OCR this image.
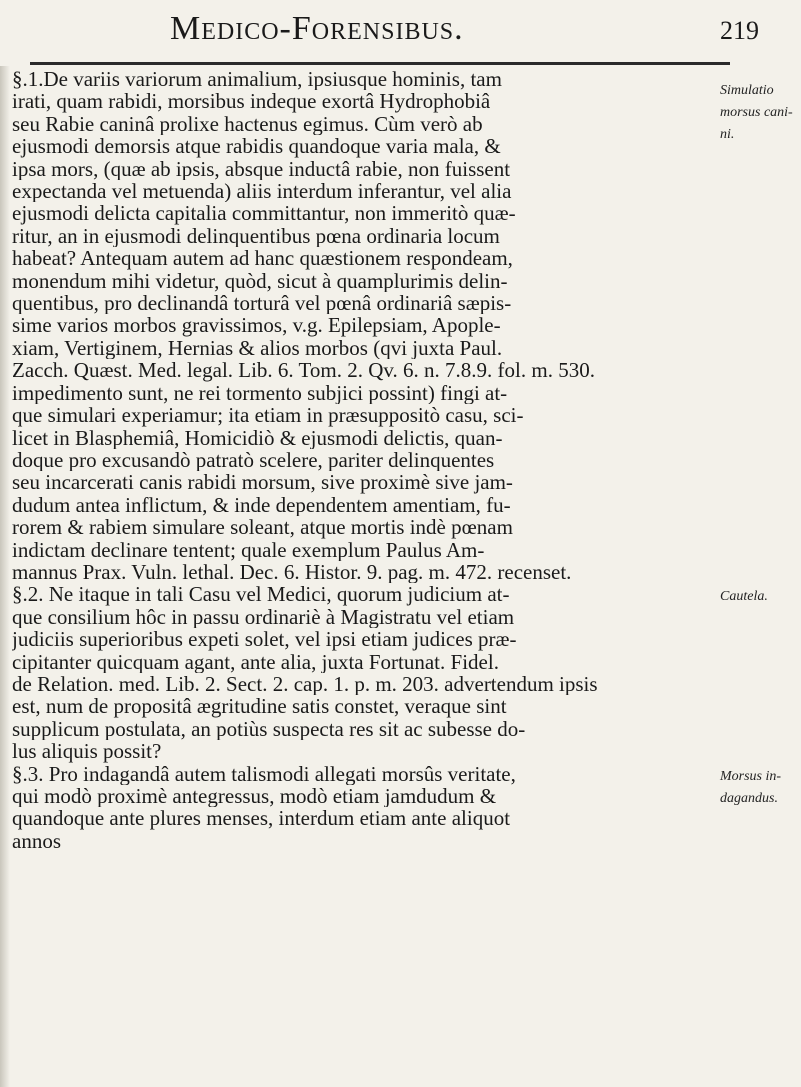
Medico-Forensibus.	219
§.1.De variis variorum animalium, ipsiusque hominis, tam
irati, quam rabidi, morsibus indeque exortâ Hydrophobiâ
seu Rabie caninâ prolixe hactenus egimus. Cùm verò ab
ejusmodi demorsis atque rabidis quandoque varia mala, &
ipsa mors, (quæ ab ipsis, absque inductâ rabie, non fuissent
expectanda vel metuenda) aliis interdum inferantur, vel alia
ejusmodi delicta capitalia committantur, non immeritò quæ-
ritur, an in ejusmodi delinquentibus pœna ordinaria locum
habeat? Antequam autem ad hanc quæstionem respondeam,
monendum mihi videtur, quòd, sicut à quamplurimis delin-
quentibus, pro declinandâ torturâ vel pœnâ ordinariâ sæpis-
sime varios morbos gravissimos, v.g. Epilepsiam, Apople-
xiam, Vertiginem, Hernias & alios morbos (qvi juxta Paul.
Zacch. Quæst. Med. legal. Lib. 6. Tom. 2. Qv. 6. n. 7.8.9. fol. m. 530.
impedimento sunt, ne rei tormento subjici possint) fingi at-
que simulari experiamur; ita etiam in præsuppositò casu, sci-
licet in Blasphemiâ, Homicidiò & ejusmodi delictis, quan-
doque pro excusandò patratò scelere, pariter delinquentes
seu incarcerati canis rabidi morsum, sive proximè sive jam-
dudum antea inflictum, & inde dependentem amentiam, fu-
rorem & rabiem simulare soleant, atque mortis indè pœnam
indictam declinare tentent; quale exemplum Paulus Am-
mannus Prax. Vuln. lethal. Dec. 6. Histor. 9. pag. m. 472. recenset.
§.2. Ne itaque in tali Casu vel Medici, quorum judicium at-
que consilium hôc in passu ordinariè à Magistratu vel etiam
judiciis superioribus expeti solet, vel ipsi etiam judices præ-
cipitanter quicquam agant, ante alia, juxta Fortunat. Fidel.
de Relation. med. Lib. 2. Sect. 2. cap. 1. p. m. 203. advertendum ipsis
est, num de propositâ ægritudine satis constet, veraque sint
supplicum postulata, an potiùs suspecta res sit ac subesse do-
lus aliquis possit?
§.3. Pro indagandâ autem talismodi allegati morsûs veritate,
qui modò proximè antegressus, modò etiam jamdudum &
quandoque ante plures menses, interdum etiam ante aliquot
annos
Simulatio morsus cani-ni.
Cautela.
Morsus in-dagandus.
